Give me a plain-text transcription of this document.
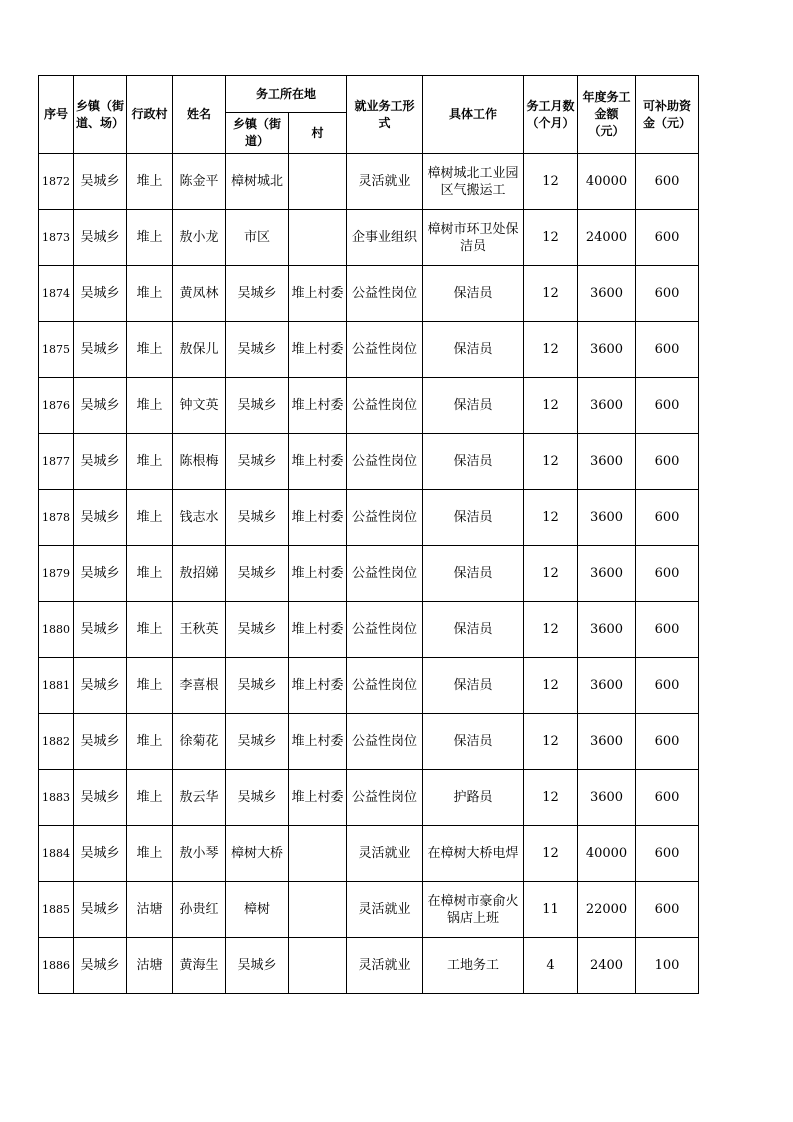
序号	乡镇（街道、场）	行政村	姓名	务工所在地		就业务工形式	具体工作	务工月数（个月）	年度务工金额（元）	可补助资金（元）
				乡镇（街道）	村					
1872	吴城乡	堆上	陈金平	樟树城北		灵活就业	樟树城北工业园区气搬运工	12	40000	600
1873	吴城乡	堆上	敖小龙	市区		企事业组织	樟树市环卫处保洁员	12	24000	600
1874	吴城乡	堆上	黄凤林	吴城乡	堆上村委	公益性岗位	保洁员	12	3600	600
1875	吴城乡	堆上	敖保儿	吴城乡	堆上村委	公益性岗位	保洁员	12	3600	600
1876	吴城乡	堆上	钟文英	吴城乡	堆上村委	公益性岗位	保洁员	12	3600	600
1877	吴城乡	堆上	陈根梅	吴城乡	堆上村委	公益性岗位	保洁员	12	3600	600
1878	吴城乡	堆上	钱志水	吴城乡	堆上村委	公益性岗位	保洁员	12	3600	600
1879	吴城乡	堆上	敖招娣	吴城乡	堆上村委	公益性岗位	保洁员	12	3600	600
1880	吴城乡	堆上	王秋英	吴城乡	堆上村委	公益性岗位	保洁员	12	3600	600
1881	吴城乡	堆上	李喜根	吴城乡	堆上村委	公益性岗位	保洁员	12	3600	600
1882	吴城乡	堆上	徐菊花	吴城乡	堆上村委	公益性岗位	保洁员	12	3600	600
1883	吴城乡	堆上	敖云华	吴城乡	堆上村委	公益性岗位	护路员	12	3600	600
1884	吴城乡	堆上	敖小琴	樟树大桥		灵活就业	在樟树大桥电焊	12	40000	600
1885	吴城乡	沽塘	孙贵红	樟树		灵活就业	在樟树市豪俞火锅店上班	11	22000	600
1886	吴城乡	沽塘	黄海生	吴城乡		灵活就业	工地务工	4	2400	100
